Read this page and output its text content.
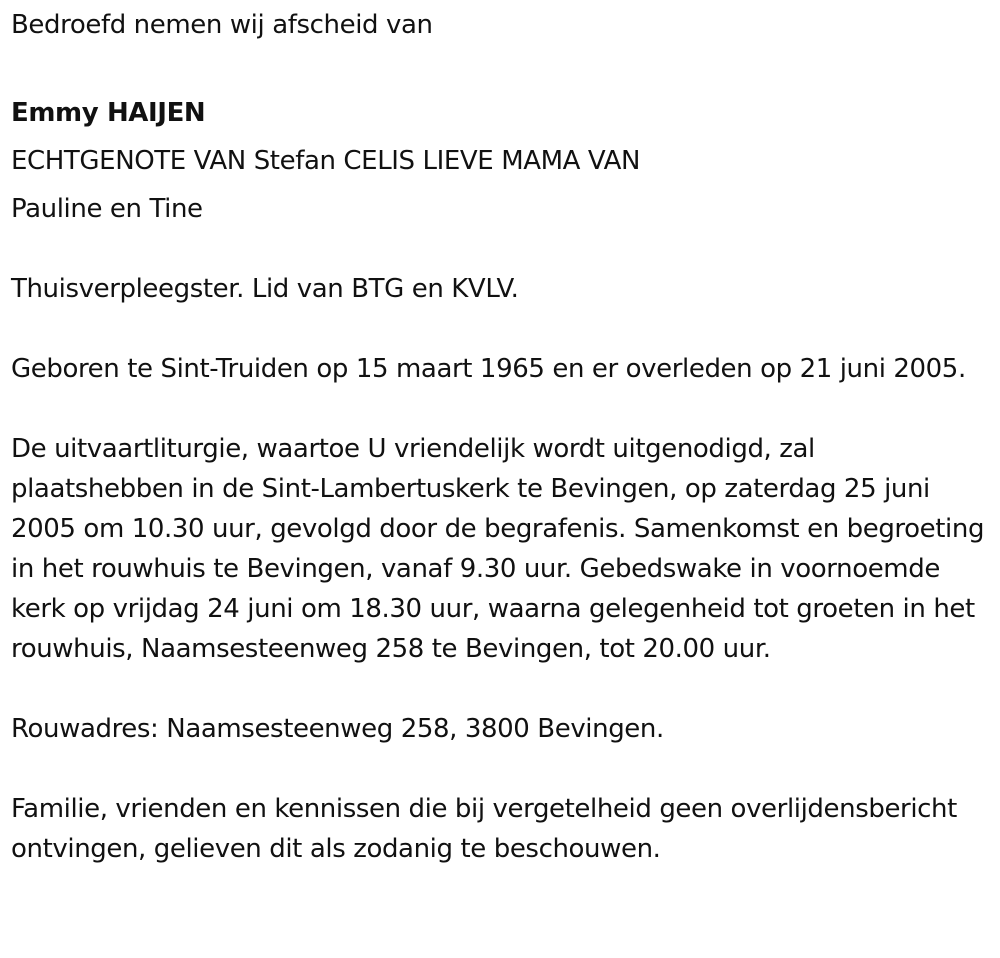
Bedroefd nemen wij afscheid van

Emmy HAIJEN

ECHTGENOTE VAN Stefan CELIS LIEVE MAMA VAN

Pauline en Tine

Thuisverpleegster. Lid van BTG en KVLV.

Geboren te Sint-Truiden op 15 maart 1965 en er overleden op 21 juni 2005.

De uitvaartliturgie, waartoe U vriendelijk wordt uitgenodigd, zal plaatshebben in de Sint-Lambertuskerk te Bevingen, op zaterdag 25 juni 2005 om 10.30 uur, gevolgd door de begrafenis. Samenkomst en begroeting in het rouwhuis te Bevingen, vanaf 9.30 uur. Gebedswake in voornoemde kerk op vrijdag 24 juni om 18.30 uur, waarna gelegenheid tot groeten in het rouwhuis, Naamsesteenweg 258 te Bevingen, tot 20.00 uur.

Rouwadres: Naamsesteenweg 258, 3800 Bevingen.

Familie, vrienden en kennissen die bij vergetelheid geen overlijdensbericht ontvingen, gelieven dit als zodanig te beschouwen.
